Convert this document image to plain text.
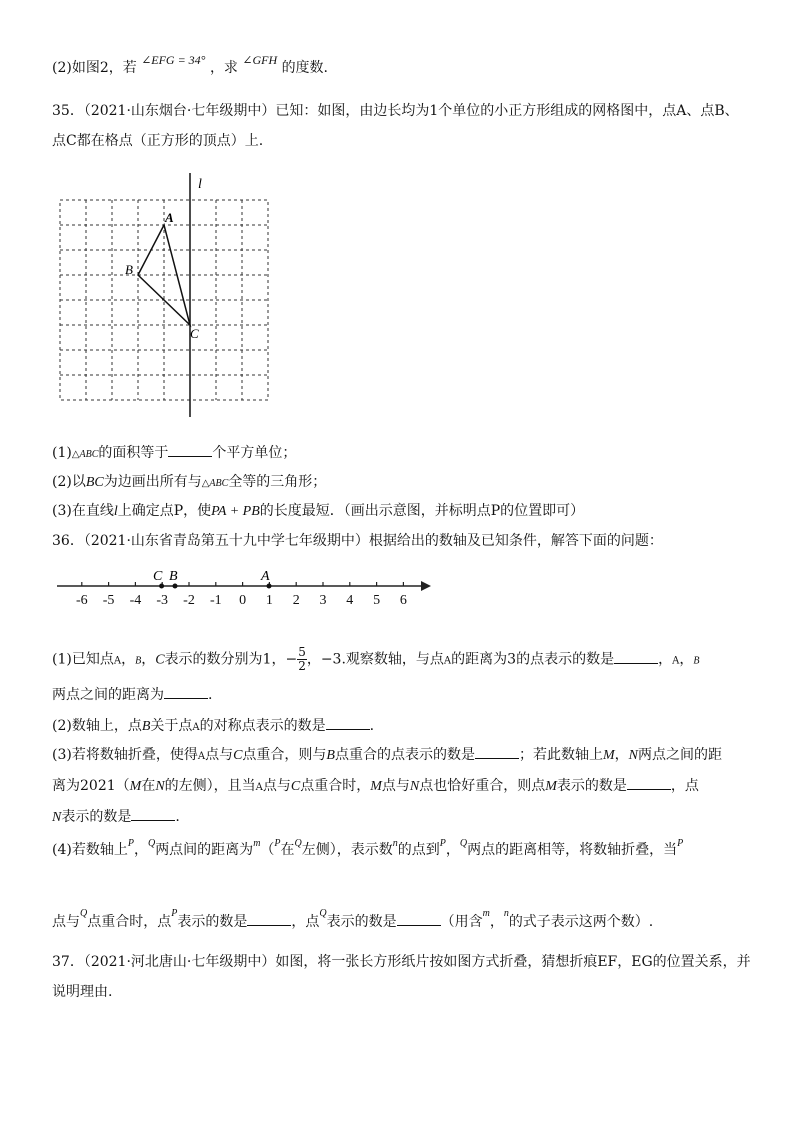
(2)如图2，若 ∠EFG = 34° ，求 ∠GFH 的度数.
35．（2021·山东烟台·七年级期中）已知：如图，由边长均为1个单位的小正方形组成的网格图中，点A、点B、
点C都在格点（正方形的顶点）上.
l
A
B
C
(1)△ABC的面积等于	个平方单位；
(2)以BC为边画出所有与△ABC全等的三角形；
(3)在直线l上确定点P，使PA + PB的长度最短．（画出示意图，并标明点P的位置即可）
36．（2021·山东省青岛第五十九中学七年级期中）根据给出的数轴及已知条件，解答下面的问题：
-6 -5 -4 -3 -2 -1 0 1 2 3 4 5 6
C B	A
(1)已知点A，B，C表示的数分别为1，− $\frac{5}{2}$ ，−3.观察数轴，与点A的距离为3的点表示的数是	，A，B
两点之间的距离为	.
(2)数轴上，点B关于点A的对称点表示的数是	.
(3)若将数轴折叠，使得A点与C点重合，则与B点重合的点表示的数是	；若此数轴上M，N两点之间的距
离为2021（M在N的左侧），且当A点与C点重合时，M点与N点也恰好重合，则点M表示的数是	，点
N表示的数是	.
(4)若数轴上$^P$，$^Q$两点间的距离为$^m$（$^P$在$^Q$左侧），表示数$^n$的点到$^P$，$^Q$两点的距离相等，将数轴折叠，当$^P$
点与$^Q$点重合时，点$^P$表示的数是	，点$^Q$表示的数是	（用含$^m$，$^n$的式子表示这两个数）.
37．（2021·河北唐山·七年级期中）如图，将一张长方形纸片按如图方式折叠，猜想折痕EF，EG的位置关系，并
说明理由.
